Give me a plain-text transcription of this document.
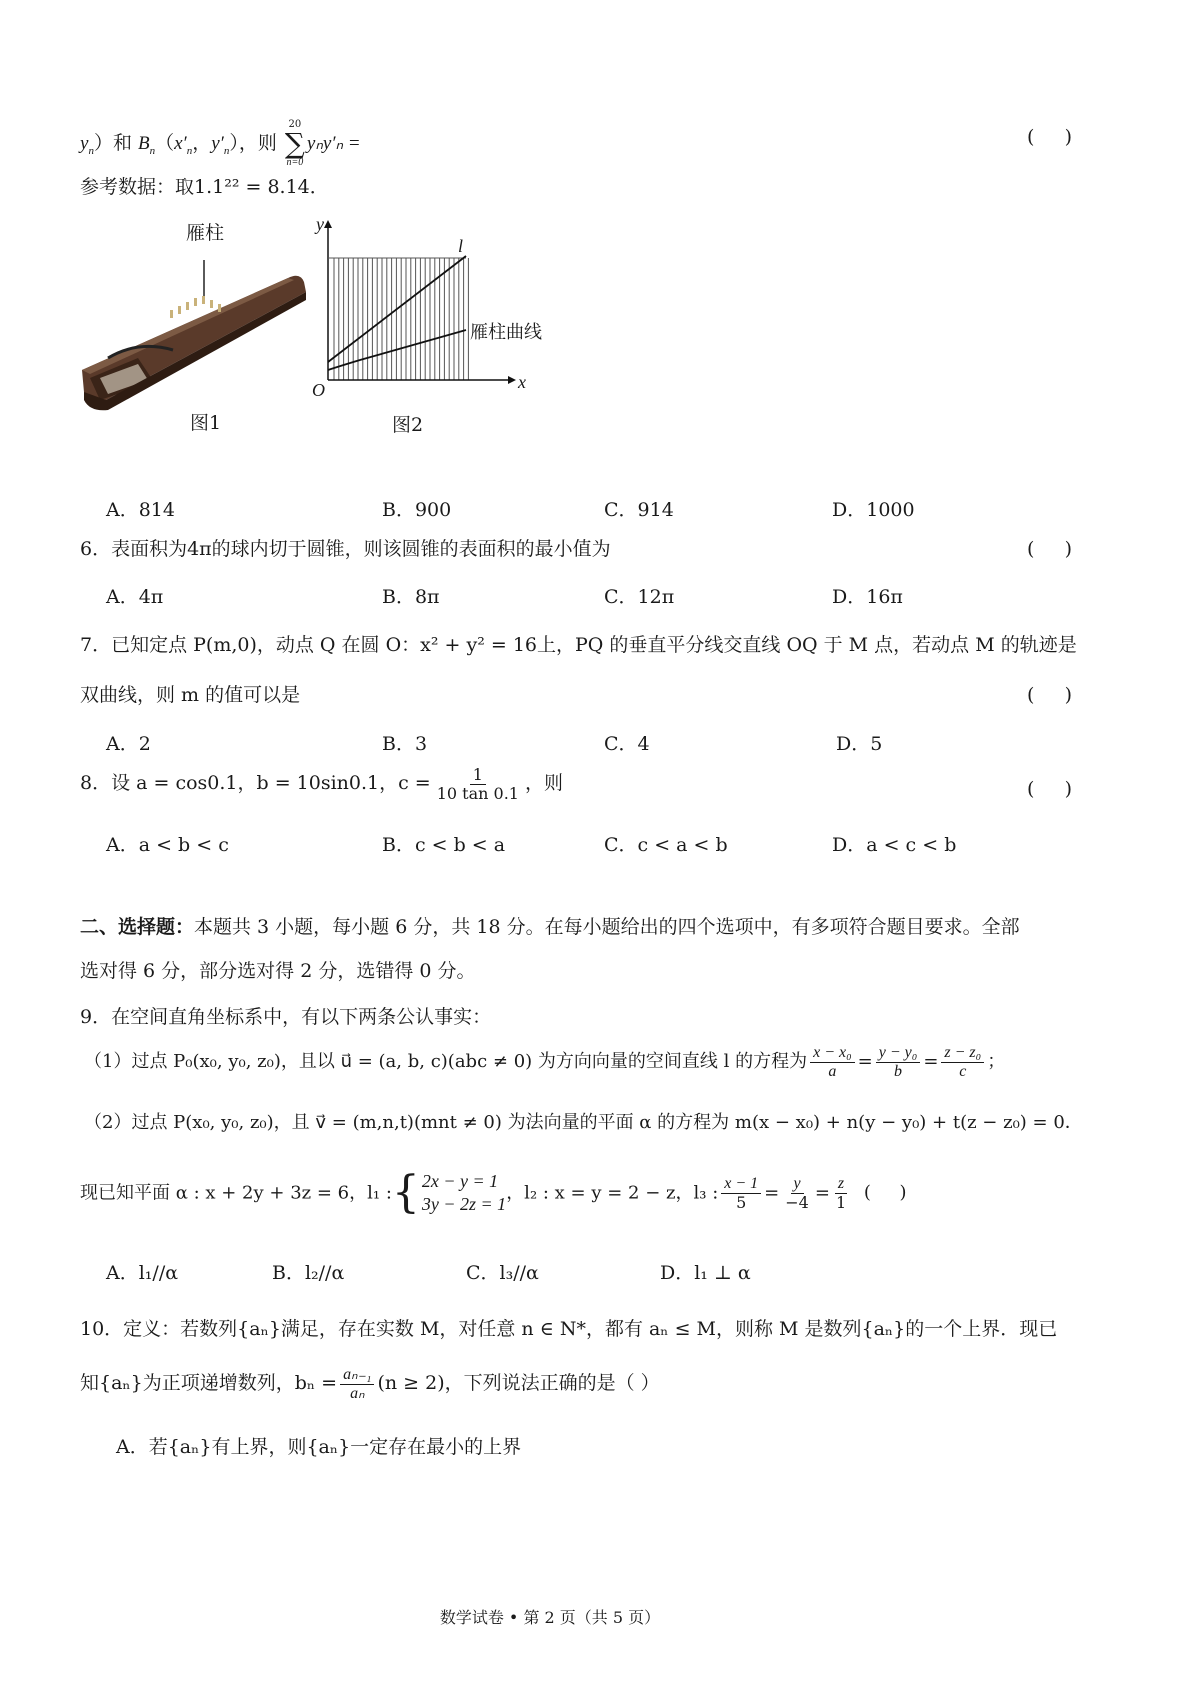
$y_n$）和 $B_n(x'_n$，$y'_n$），则
20
∑
n=0
yₙy′ₙ =	(     )
参考数据：取1.1²² = 8.14．
雁柱
图1
y
x
O
l
雁柱曲线
图2
A．814	B．900	C．914	D．1000
6．表面积为4π的球内切于圆锥，则该圆锥的表面积的最小值为	(     )
A．4π	B．8π	C．12π	D．16π
7．已知定点 P(m,0)，动点 Q 在圆 O：x² + y² = 16上，PQ 的垂直平分线交直线 OQ 于 M 点，若动点 M 的轨迹是
双曲线，则 m 的值可以是	(     )
A．2	B．3	C．4	D．5
8．设 a = cos0.1，b = 10sin0.1，$c = \frac{1}{10 \tan 0.1}$ ，则	(     )
A．a < b < c	B．c < b < a	C．c < a < b	D．a < c < b
二、选择题：本题共 3 小题，每小题 6 分，共 18 分。在每小题给出的四个选项中，有多项符合题目要求。全部
选对得 6 分，部分选对得 2 分，选错得 0 分。
9．在空间直角坐标系中，有以下两条公认事实：
（1）过点 P₀(x₀, y₀, z₀)，且以 u⃗ = (a, b, c)(abc ≠ 0) 为方向向量的空间直线 l 的方程为 $\frac{\text{x − x₀}}{a} = \frac{\text{y − y₀}}{b} = \frac{\text{z − z₀}}{c}$ ；
（2）过点 P(x₀, y₀, z₀)，且 v⃗ = (m,n,t)(mnt ≠ 0) 为法向量的平面 α 的方程为 m(x − x₀) + n(y − y₀) + t(z − z₀) = 0．
现已知平面 α : x + 2y + 3z = 6，l₁ : { 2x − y = 1
3y − 2z = 1
，l₂ : x = y = 2 − z，l₃ : $\frac{x - 1}{5} = \frac{y}{-4} = \frac{z}{1}$ (     )
A．l₁//α	B．l₂//α	C．l₃//α	D．l₁ ⊥ α
10．定义：若数列{aₙ}满足，存在实数 M，对任意 n ∈ N*，都有 aₙ ≤ M，则称 M 是数列{aₙ}的一个上界．现已
知{aₙ}为正项递增数列，$b_n = \frac{\text{aₙ₋₁}}{\text{aₙ}} (n \ge 2)$，下列说法正确的是（ ）
A．若{aₙ}有上界，则{aₙ}一定存在最小的上界
数学试卷 • 第 2 页（共 5 页）
